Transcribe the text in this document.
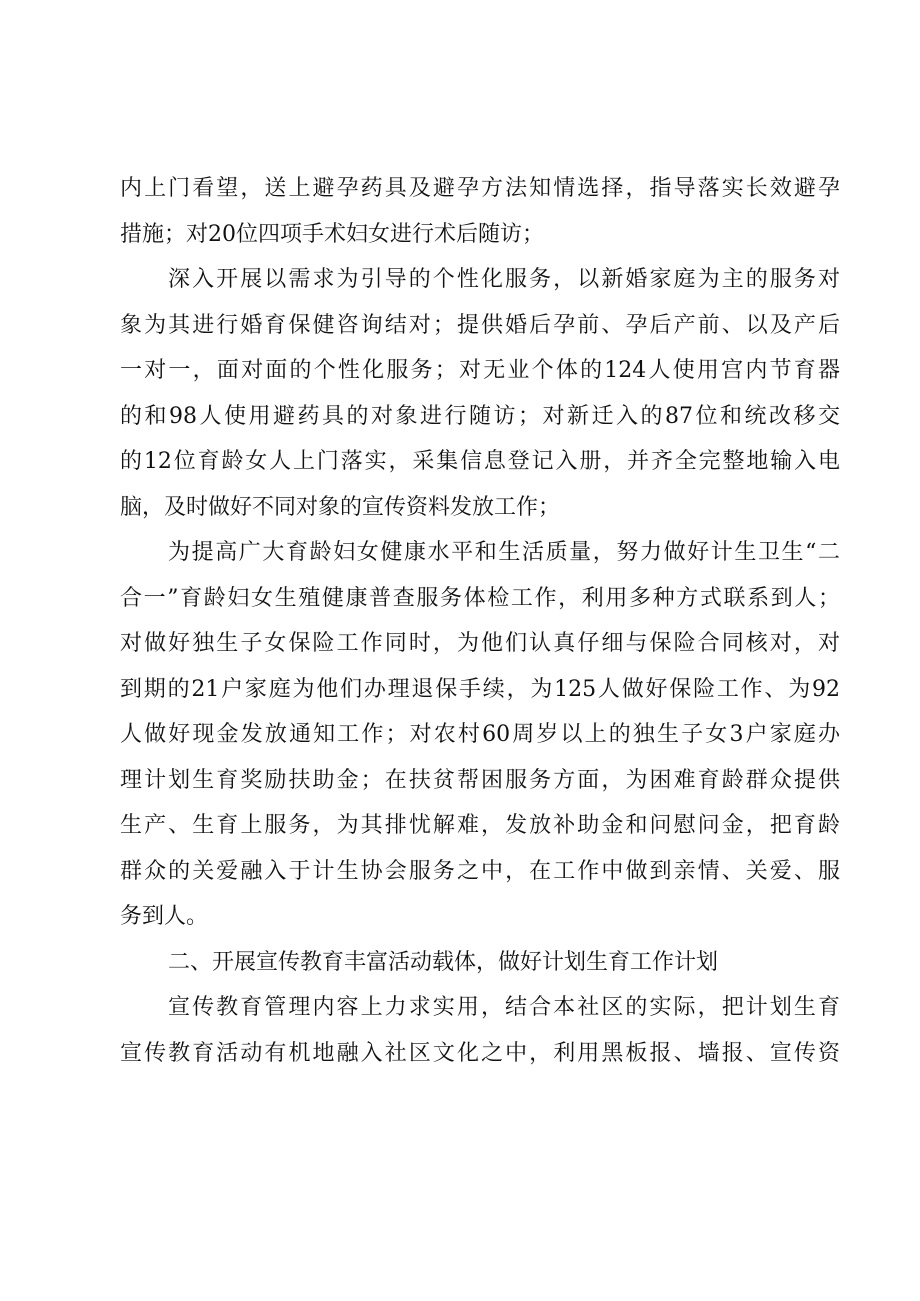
内上门看望，送上避孕药具及避孕方法知情选择，指导落实长效避孕
措施；对20位四项手术妇女进行术后随访；
深入开展以需求为引导的个性化服务，以新婚家庭为主的服务对
象为其进行婚育保健咨询结对；提供婚后孕前、孕后产前、以及产后
一对一，面对面的个性化服务；对无业个体的124人使用宫内节育器
的和98人使用避药具的对象进行随访；对新迁入的87位和统改移交
的12位育龄女人上门落实，采集信息登记入册，并齐全完整地输入电
脑，及时做好不同对象的宣传资料发放工作；
为提高广大育龄妇女健康水平和生活质量，努力做好计生卫生“二
合一”育龄妇女生殖健康普查服务体检工作，利用多种方式联系到人；
对做好独生子女保险工作同时，为他们认真仔细与保险合同核对，对
到期的21户家庭为他们办理退保手续，为125人做好保险工作、为92
人做好现金发放通知工作；对农村60周岁以上的独生子女3户家庭办
理计划生育奖励扶助金；在扶贫帮困服务方面，为困难育龄群众提供
生产、生育上服务，为其排忧解难，发放补助金和问慰问金，把育龄
群众的关爱融入于计生协会服务之中，在工作中做到亲情、关爱、服
务到人。
二、开展宣传教育丰富活动载体，做好计划生育工作计划
宣传教育管理内容上力求实用，结合本社区的实际，把计划生育
宣传教育活动有机地融入社区文化之中，利用黑板报、墙报、宣传资
